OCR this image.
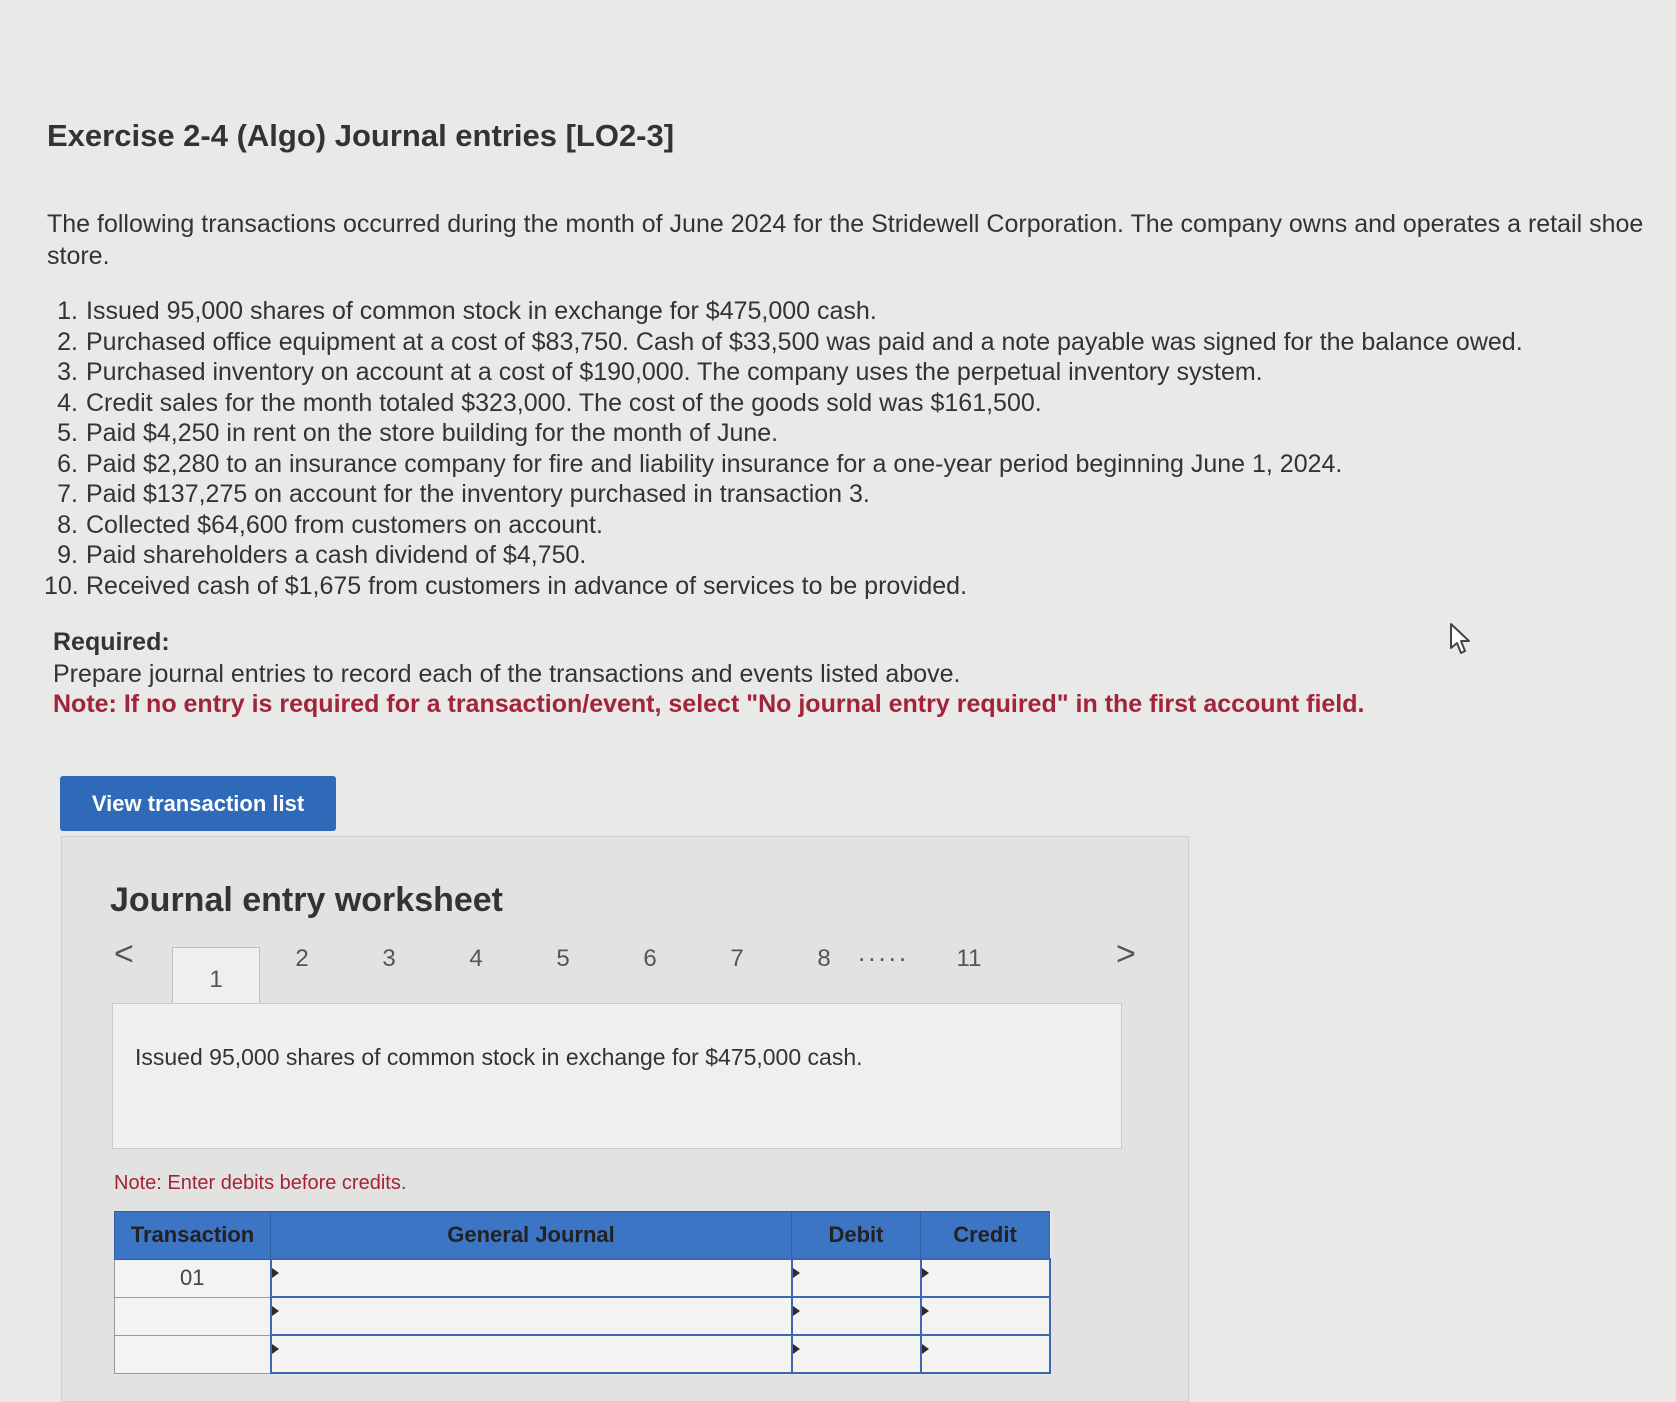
Exercise 2-4 (Algo) Journal entries [LO2-3]
The following transactions occurred during the month of June 2024 for the Stridewell Corporation. The company owns and operates a retail shoe store.
1. Issued 95,000 shares of common stock in exchange for $475,000 cash.
2. Purchased office equipment at a cost of $83,750. Cash of $33,500 was paid and a note payable was signed for the balance owed.
3. Purchased inventory on account at a cost of $190,000. The company uses the perpetual inventory system.
4. Credit sales for the month totaled $323,000. The cost of the goods sold was $161,500.
5. Paid $4,250 in rent on the store building for the month of June.
6. Paid $2,280 to an insurance company for fire and liability insurance for a one-year period beginning June 1, 2024.
7. Paid $137,275 on account for the inventory purchased in transaction 3.
8. Collected $64,600 from customers on account.
9. Paid shareholders a cash dividend of $4,750.
10. Received cash of $1,675 from customers in advance of services to be provided.
Required:
Prepare journal entries to record each of the transactions and events listed above.
Note: If no entry is required for a transaction/event, select "No journal entry required" in the first account field.
View transaction list
Journal entry worksheet
<
1
2	3	4	5	6	7	8	.....	11	>
Issued 95,000 shares of common stock in exchange for $475,000 cash.
Note: Enter debits before credits.
Transaction	General Journal	Debit	Credit
01	
